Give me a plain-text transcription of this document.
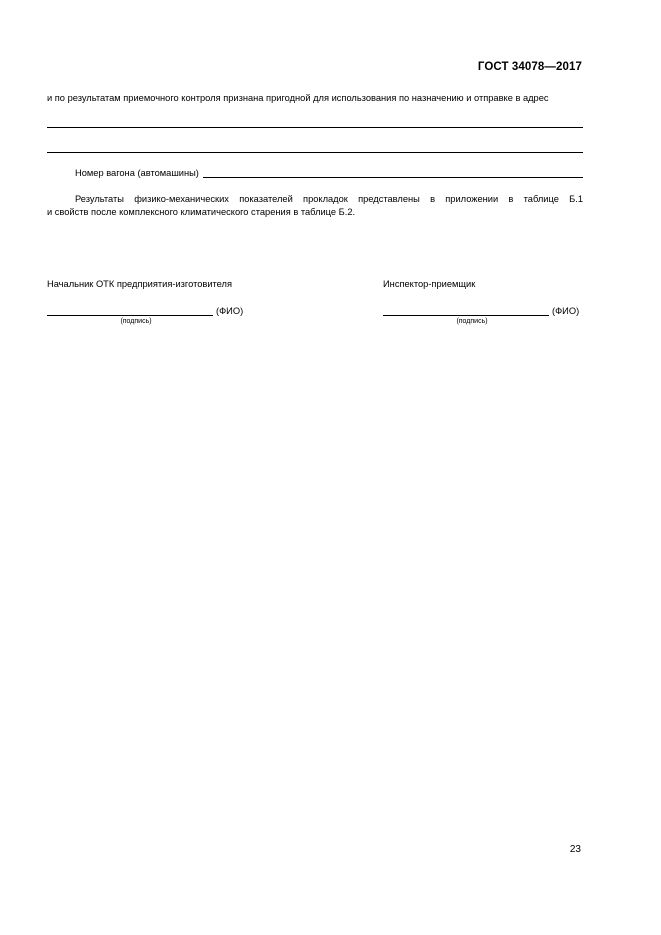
ГОСТ 34078—2017
и по результатам приемочного контроля признана пригодной для использования по назначению и отправке в адрес
Номер вагона (автомашины)
Результаты физико-механических показателей прокладок представлены в приложении в таблице Б.1
и свойств после комплексного климатического старения в таблице Б.2.
Начальник ОТК предприятия-изготовителя
(ФИО)
(подпись)
Инспектор-приемщик
(ФИО)
(подпись)
23
